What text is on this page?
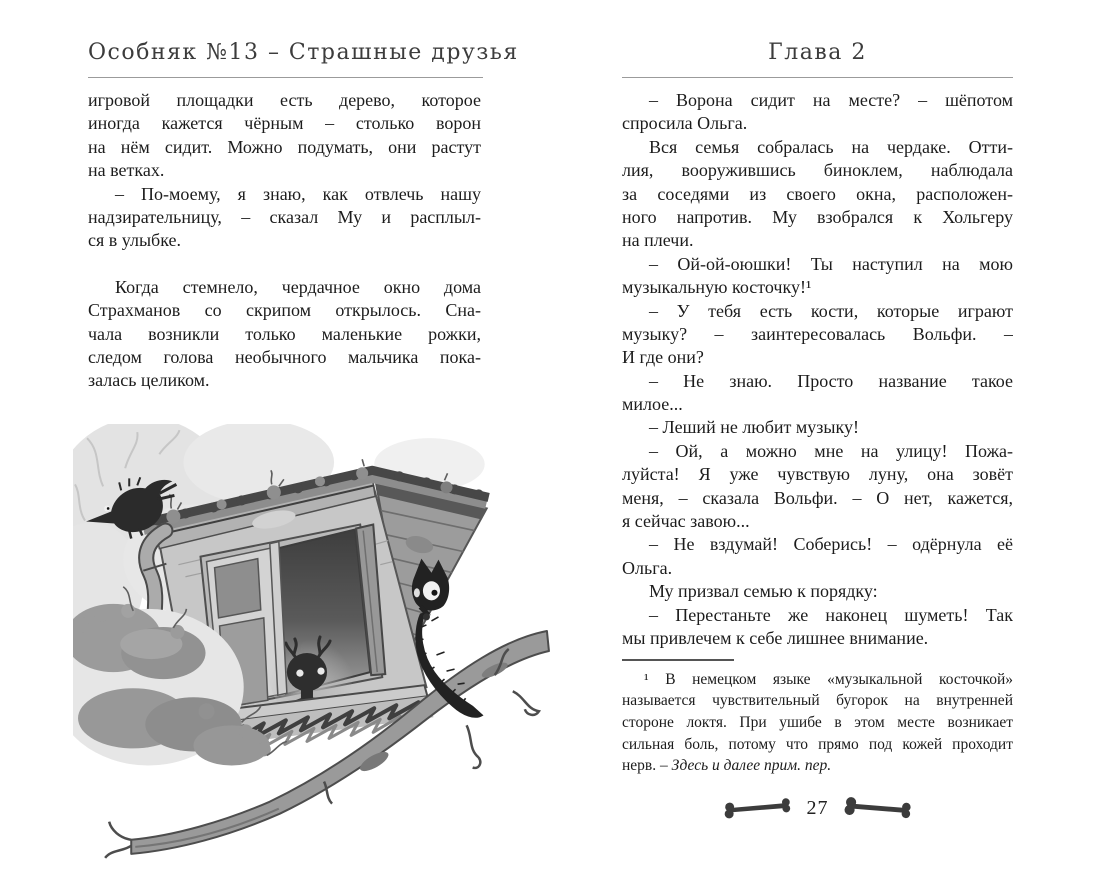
Особняк №13 – Страшные друзья	Глава 2
игровой площадки есть дерево, которое
иногда кажется чёрным – столько ворон
на нём сидит. Можно подумать, они растут
на ветках.
– По-моему, я знаю, как отвлечь нашу
надзирательницу, – сказал Му и расплыл-
ся в улыбке.
Когда стемнело, чердачное окно дома
Страхманов со скрипом открылось. Сна-
чала возникли только маленькие рожки,
следом голова необычного мальчика пока-
залась целиком.
– Ворона сидит на месте? – шёпотом
спросила Ольга.
Вся семья собралась на чердаке. Отти-
лия, вооружившись биноклем, наблюдала
за соседями из своего окна, расположен-
ного напротив. Му взобрался к Хольгеру
на плечи.
– Ой-ой-оюшки! Ты наступил на мою
музыкальную косточку!¹
– У тебя есть кости, которые играют
музыку? – заинтересовалась Вольфи. –
И где они?
– Не знаю. Просто название такое
милое...
– Леший не любит музыку!
– Ой, а можно мне на улицу! Пожа-
луйста! Я уже чувствую луну, она зовёт
меня, – сказала Вольфи. – О нет, кажется,
я сейчас завою...
– Не вздумай! Соберись! – одёрнула её
Ольга.
Му призвал семью к порядку:
– Перестаньте же наконец шуметь! Так
мы привлечем к себе лишнее внимание.
¹ В немецком языке «музыкальной косточкой»
называется чувствительный бугорок на внутренней
стороне локтя. При ушибе в этом месте возникает
сильная боль, потому что прямо под кожей проходит
нерв. – Здесь и далее прим. пер.
27
